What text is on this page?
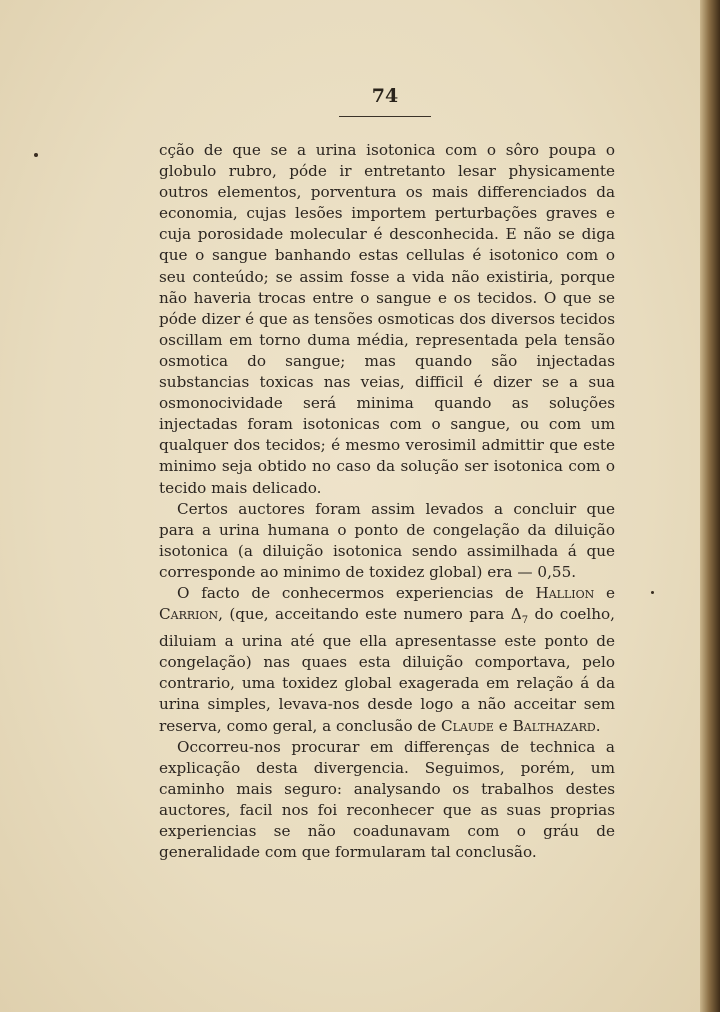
74

cção de que se a urina isotonica com o sôro poupa o globulo rubro, póde ir entretanto lesar physicamente outros elementos, porventura os mais differenciados da economia, cujas lesões importem perturbações graves e cuja porosidade molecular é desconhecida. E não se diga que o sangue banhando estas cellulas é isotonico com o seu conteúdo; se assim fosse a vida não existiria, porque não haveria trocas entre o sangue e os tecidos. O que se póde dizer é que as tensões osmoticas dos diversos tecidos oscillam em torno duma média, representada pela tensão osmotica do sangue; mas quando são injectadas substancias toxicas nas veias, difficil é dizer se a sua osmonocividade será minima quando as soluções injectadas foram isotonicas com o sangue, ou com um qualquer dos tecidos; é mesmo verosimil admittir que este minimo seja obtido no caso da solução ser isotonica com o tecido mais delicado.

Certos auctores foram assim levados a concluir que para a urina humana o ponto de congelação da diluição isotonica (a diluição isotonica sendo assimilhada á que corresponde ao minimo de toxidez global) era — 0,55.

O facto de conhecermos experiencias de Hallion e Carrion, (que, acceitando este numero para $\Delta_7$ do coelho, diluiam a urina até que ella apresentasse este ponto de congelação) nas quaes esta diluição comportava, pelo contrario, uma toxidez global exagerada em relação á da urina simples, levava-nos desde logo a não acceitar sem reserva, como geral, a conclusão de Claude e Balthazard.

Occorreu-nos procurar em differenças de technica a explicação desta divergencia. Seguimos, porém, um caminho mais seguro: analysando os trabalhos destes auctores, facil nos foi reconhecer que as suas proprias experiencias se não coadunavam com o gráu de generalidade com que formularam tal conclusão.
